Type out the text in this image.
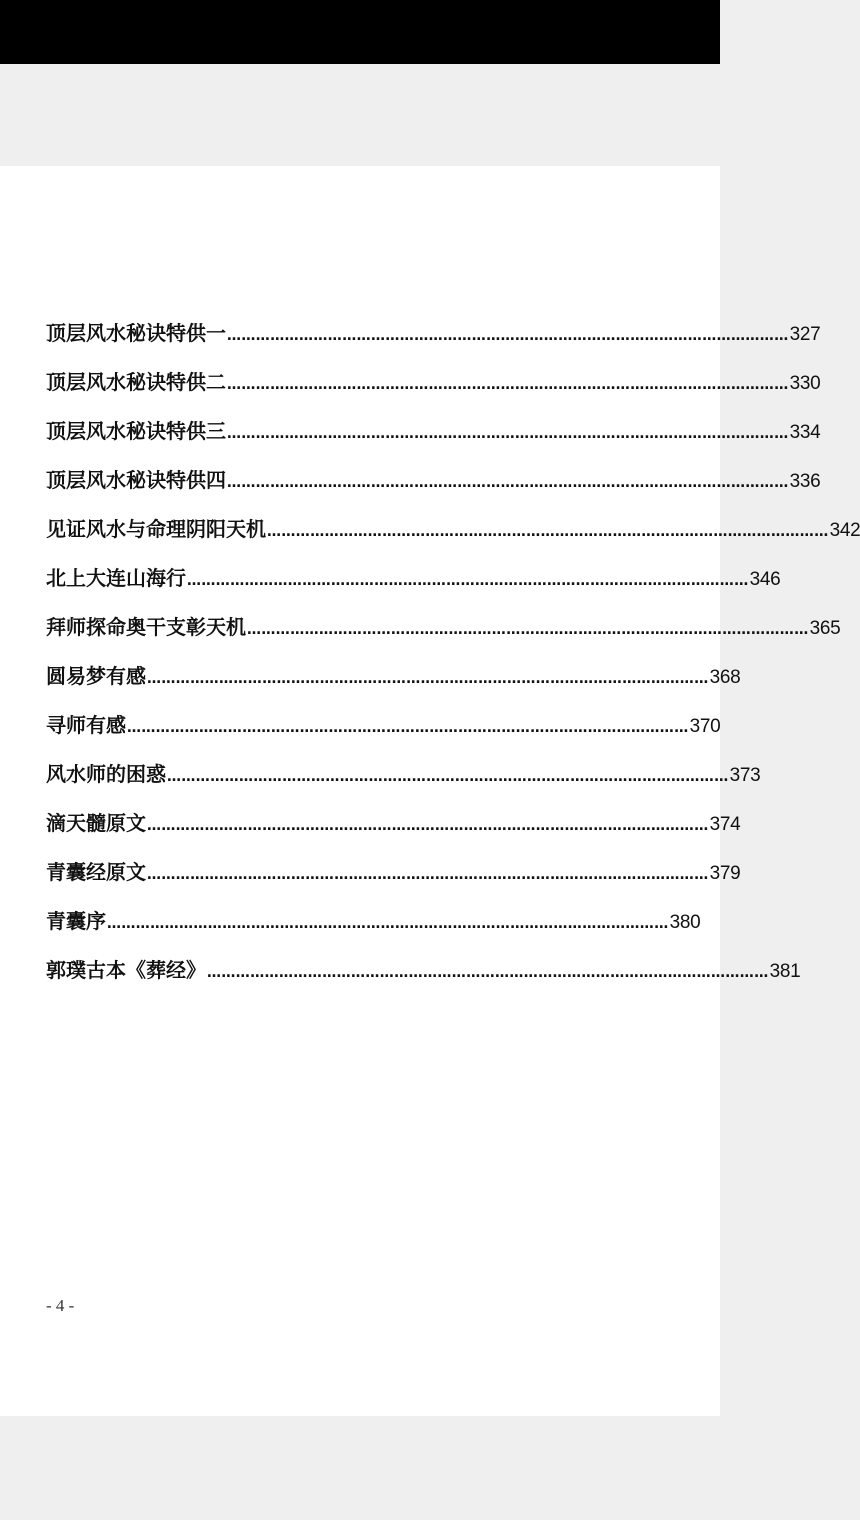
顶层风水秘诀特供一 ……………………………………………………………………………………………………… 327
顶层风水秘诀特供二 ……………………………………………………………………………………………………… 330
顶层风水秘诀特供三 ……………………………………………………………………………………………………… 334
顶层风水秘诀特供四 ……………………………………………………………………………………………………… 336
见证风水与命理阴阳天机 ……………………………………………………………………………………………………… 342
北上大连山海行 ……………………………………………………………………………………………………… 346
拜师探命奥干支彰天机 ……………………………………………………………………………………………………… 365
圆易梦有感 ……………………………………………………………………………………………………… 368
寻师有感 ……………………………………………………………………………………………………… 370
风水师的困惑 ……………………………………………………………………………………………………… 373
滴天髓原文 ……………………………………………………………………………………………………… 374
青囊经原文 ……………………………………………………………………………………………………… 379
青囊序 ……………………………………………………………………………………………………… 380
郭璞古本《葬经》 ……………………………………………………………………………………………………… 381
- 4 -
